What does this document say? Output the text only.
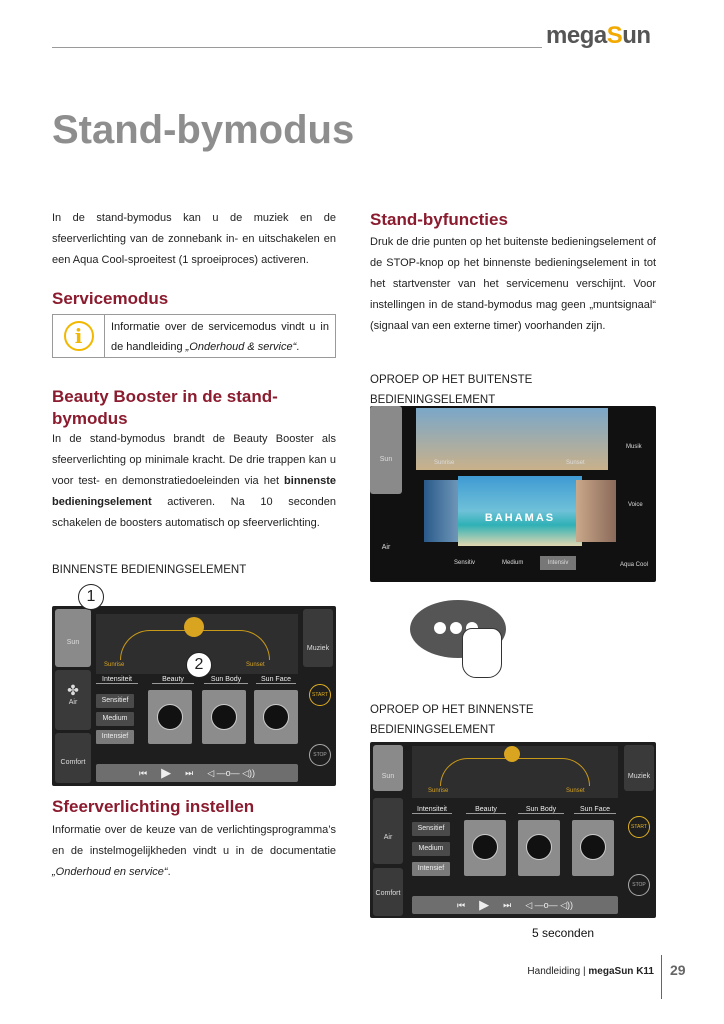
megaSun
Stand-bymodus

In de stand-bymodus kan u de muziek en de sfeerverlichting van de zonnebank in- en uitschakelen en een Aqua Cool-sproeitest (1 sproeiproces) activeren.

Servicemodus
i	Informatie over de servicemodus vindt u in de handleiding „Onderhoud & service“.
Beauty Booster in de stand-
bymodus

In de stand-bymodus brandt de Beauty Booster als sfeerverlichting op minimale kracht. De drie trappen kan u voor test- en demonstratiedoeleinden via het binnenste bedieningselement activeren. Na 10 seconden schakelen de boosters automatisch op sfeerverlichting.

BINNENSTE BEDIENINGSELEMENT
Sun
✤
Air
Comfort
Muziek
START
STOP
Sunrise	Sunset
Intensiteit	Beauty	Sun Body	Sun Face
Sensitief
Medium
Intensief
⏮ ▶ ⏭ ◁ —o— ◁))
1
2
Sfeerverlichting instellen

Informatie over de keuze van de verlichtingsprogramma’s en de instelmogelijkheden vindt u in de documentatie „Onderhoud en service“.

Stand-byfuncties

Druk de drie punten op het buitenste bedieningselement of de STOP-knop op het binnenste bedieningselement in tot het startvenster van het servicemenu verschijnt. Voor instellingen in de stand-bymodus mag geen „muntsignaal“ (signaal van een externe timer) voorhanden zijn.

OPROEP OP HET BUITENSTE
BEDIENINGSELEMENT
Sun
Air
Sunrise	Sunset
BAHAMAS
Sensitiv	Medium	Intensiv
Musik
Voice
Aqua Cool
OPROEP OP HET BINNENSTE
BEDIENINGSELEMENT
Sun
Air
Comfort
Muziek
START
STOP
Sunrise	Sunset
Intensiteit	Beauty	Sun Body	Sun Face
Sensitief
Medium
Intensief
⏮ ▶ ⏭ ◁ —o— ◁))
5 seconden
Handleiding | megaSun K11 29
